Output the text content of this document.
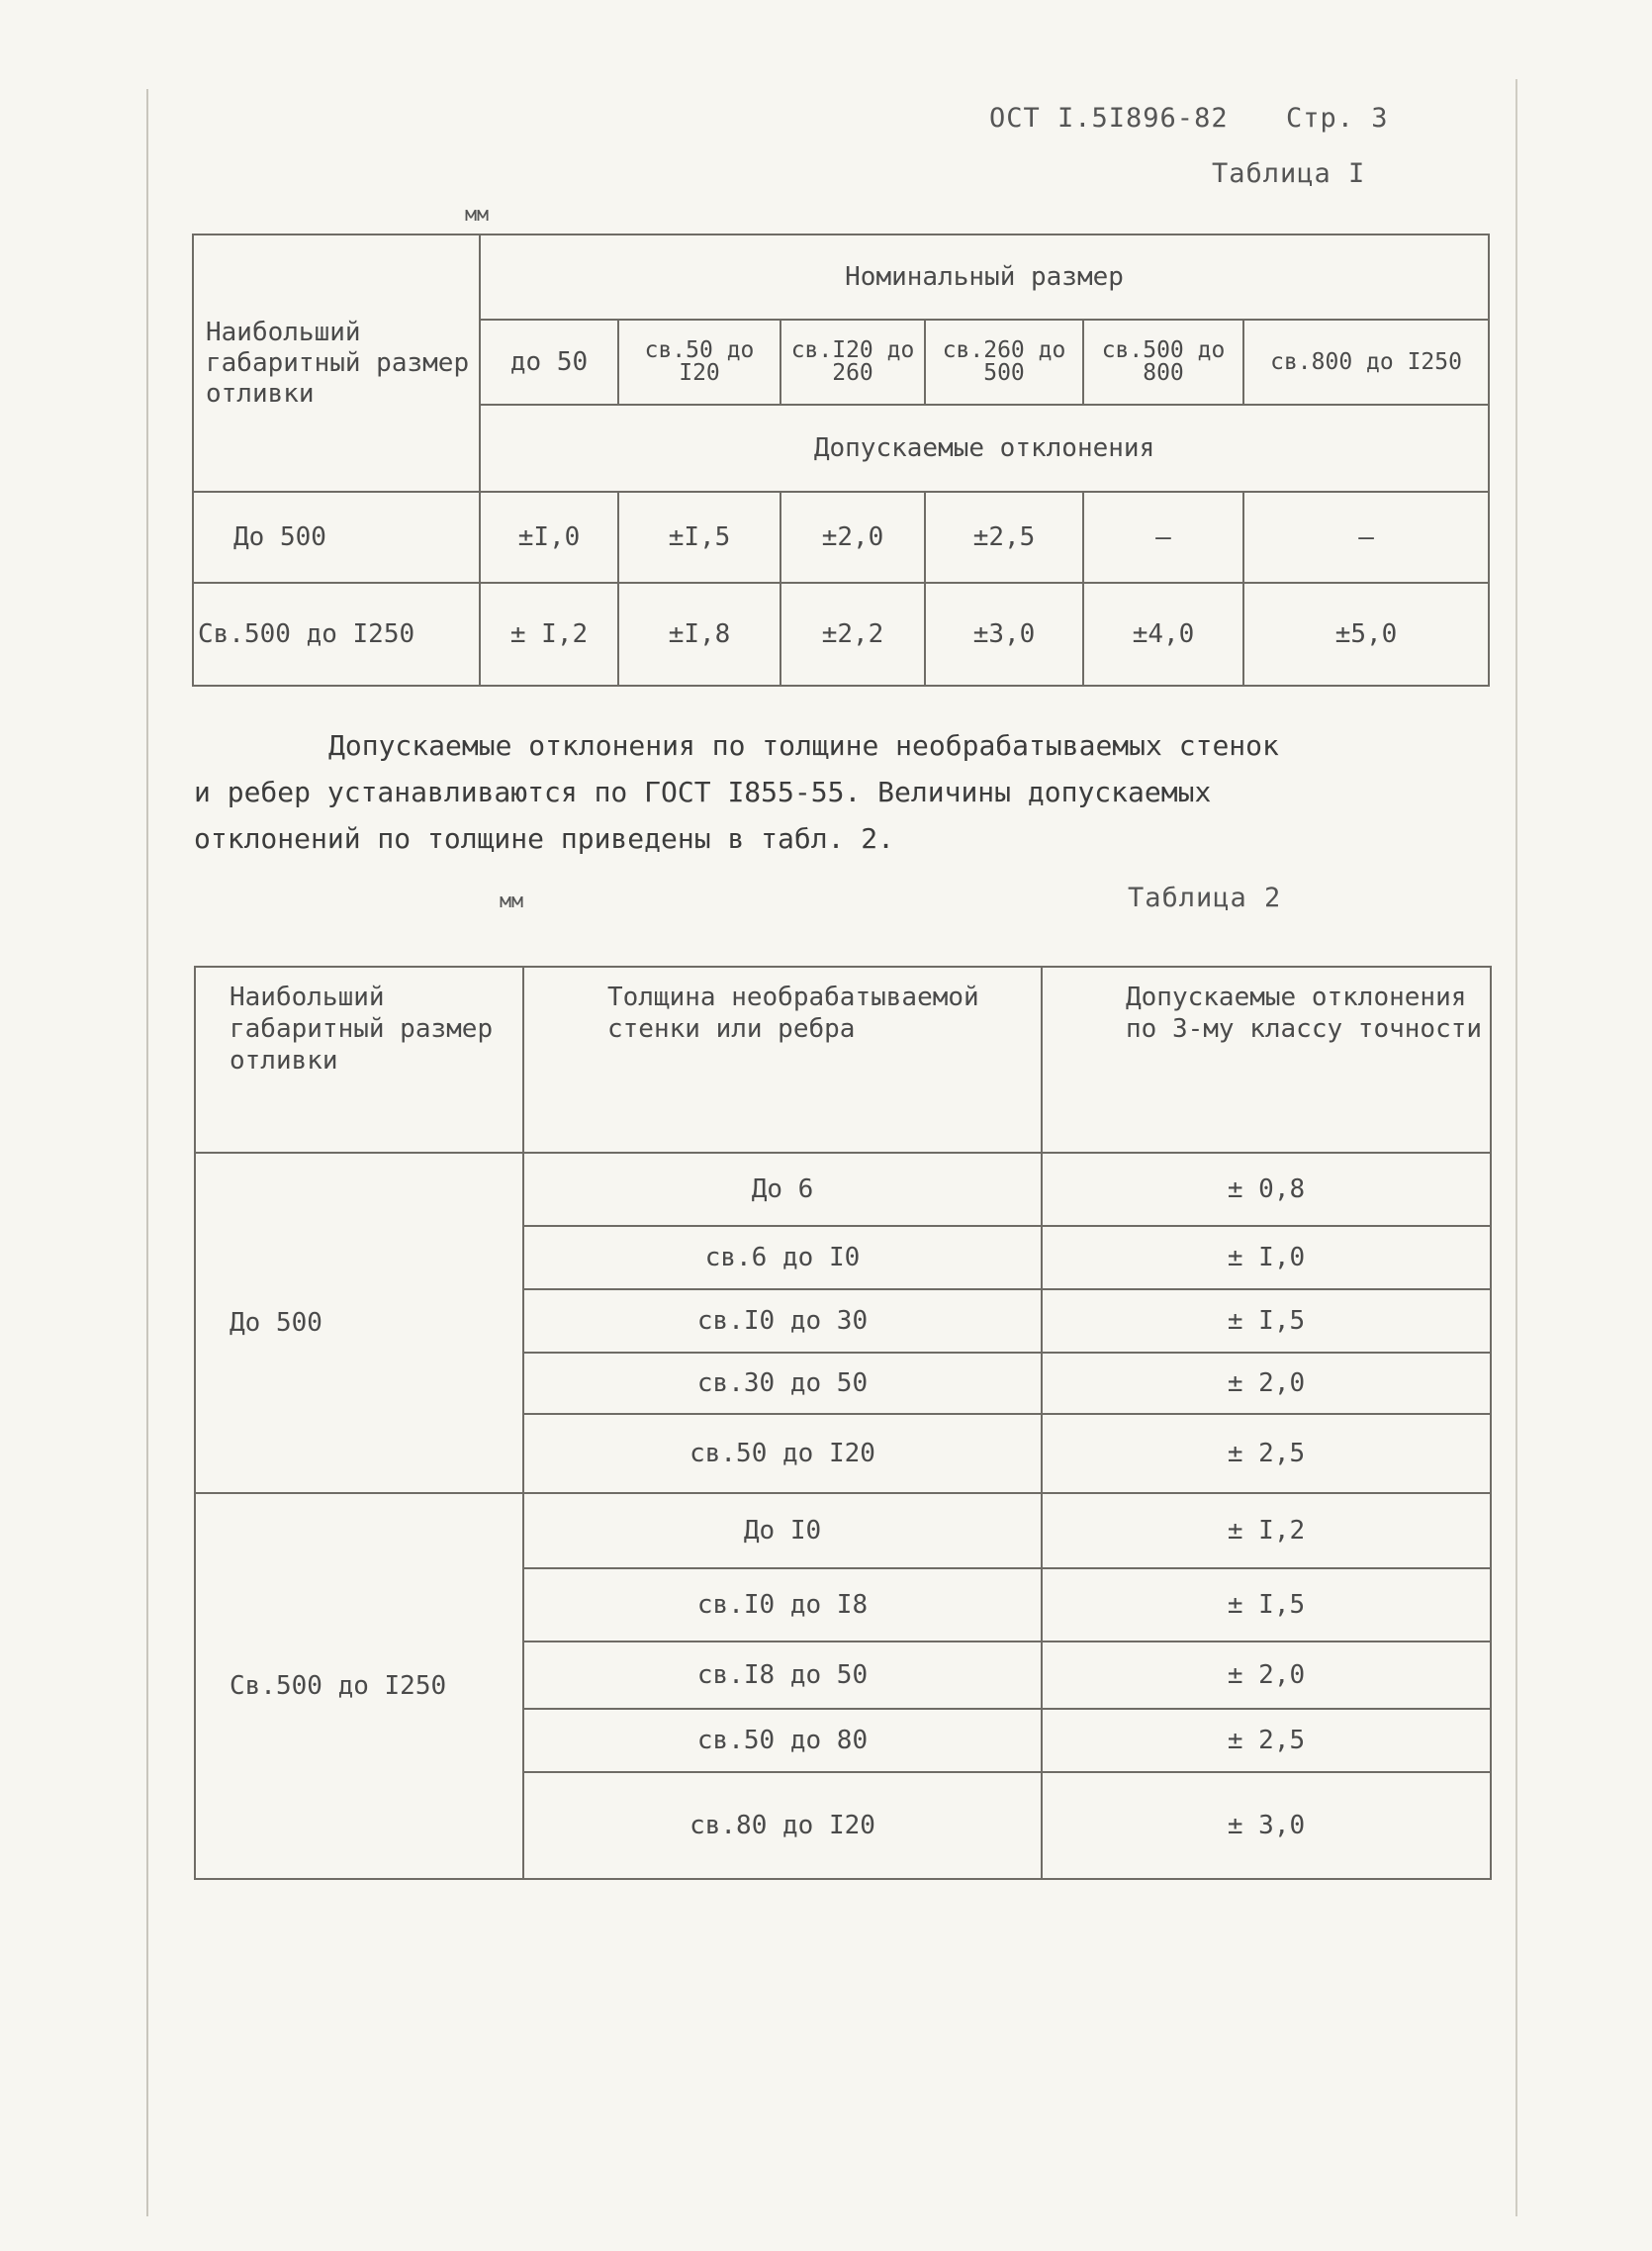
ОСТ I.5I896-82 Стр. 3
Таблица I
мм
Наибольший габаритный размер отливки	Номинальный размер					
	до 50	св.50 до I20	св.I20 до 260	св.260 до 500	св.500 до 800	св.800 до I250
	Допускаемые отклонения					
До 500	±I,0	±I,5	±2,0	±2,5	–	–
Св.500 до I250	± I,2	±I,8	±2,2	±3,0	±4,0	±5,0
Допускаемые отклонения по толщине необрабатываемых стенок
и ребер устанавливаются по ГОСТ I855-55. Величины допускаемых
отклонений по толщине приведены в табл. 2.
мм	Таблица 2
Наибольший габаритный размер отливки	Толщина необрабатываемой стенки или ребра	Допускаемые отклонения по 3-му классу точности
До 500	До 6	± 0,8
	св.6 до I0	± I,0
	св.I0 до 30	± I,5
	св.30 до 50	± 2,0
	св.50 до I20	± 2,5
Св.500 до I250	До I0	± I,2
	св.I0 до I8	± I,5
	св.I8 до 50	± 2,0
	св.50 до 80	± 2,5
	св.80 до I20	± 3,0
